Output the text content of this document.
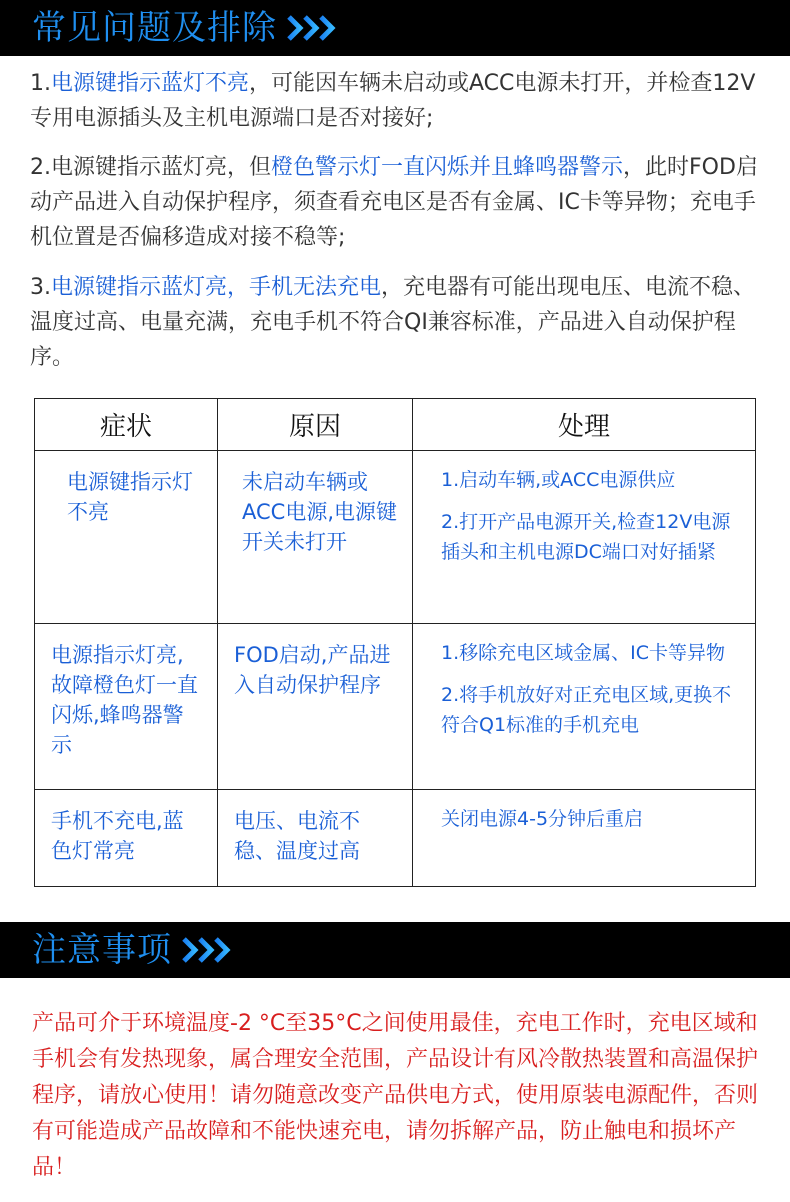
常见问题及排除

1.电源键指示蓝灯不亮，可能因车辆未启动或ACC电源未打开，并检查12V专用电源插头及主机电源端口是否对接好;

2.电源键指示蓝灯亮，但橙色警示灯一直闪烁并且蜂鸣器警示，此时FOD启动产品进入自动保护程序，须查看充电区是否有金属、IC卡等异物；充电手机位置是否偏移造成对接不稳等;

3.电源键指示蓝灯亮，手机无法充电，充电器有可能出现电压、电流不稳、温度过高、电量充满，充电手机不符合QI兼容标准，产品进入自动保护程序。

症状	原因	处理
电源键指示灯不亮	未启动车辆或ACC电源,电源键开关未打开	1.启动车辆,或ACC电源供应
2.打开产品电源开关,检查12V电源插头和主机电源DC端口对好插紧

电源指示灯亮,故障橙色灯一直闪烁,蜂鸣器警示	FOD启动,产品进入自动保护程序	1.移除充电区域金属、IC卡等异物
2.将手机放好对正充电区域,更换不符合Q1标准的手机充电

手机不充电,蓝色灯常亮	电压、电流不稳、温度过高	关闭电源4-5分钟后重启
注意事项

产品可介于环境温度-2 °C至35°C之间使用最佳，充电工作时，充电区域和手机会有发热现象，属合理安全范围，产品设计有风冷散热装置和高温保护程序，请放心使用！请勿随意改变产品供电方式，使用原装电源配件，否则有可能造成产品故障和不能快速充电，请勿拆解产品，防止触电和损坏产品！
